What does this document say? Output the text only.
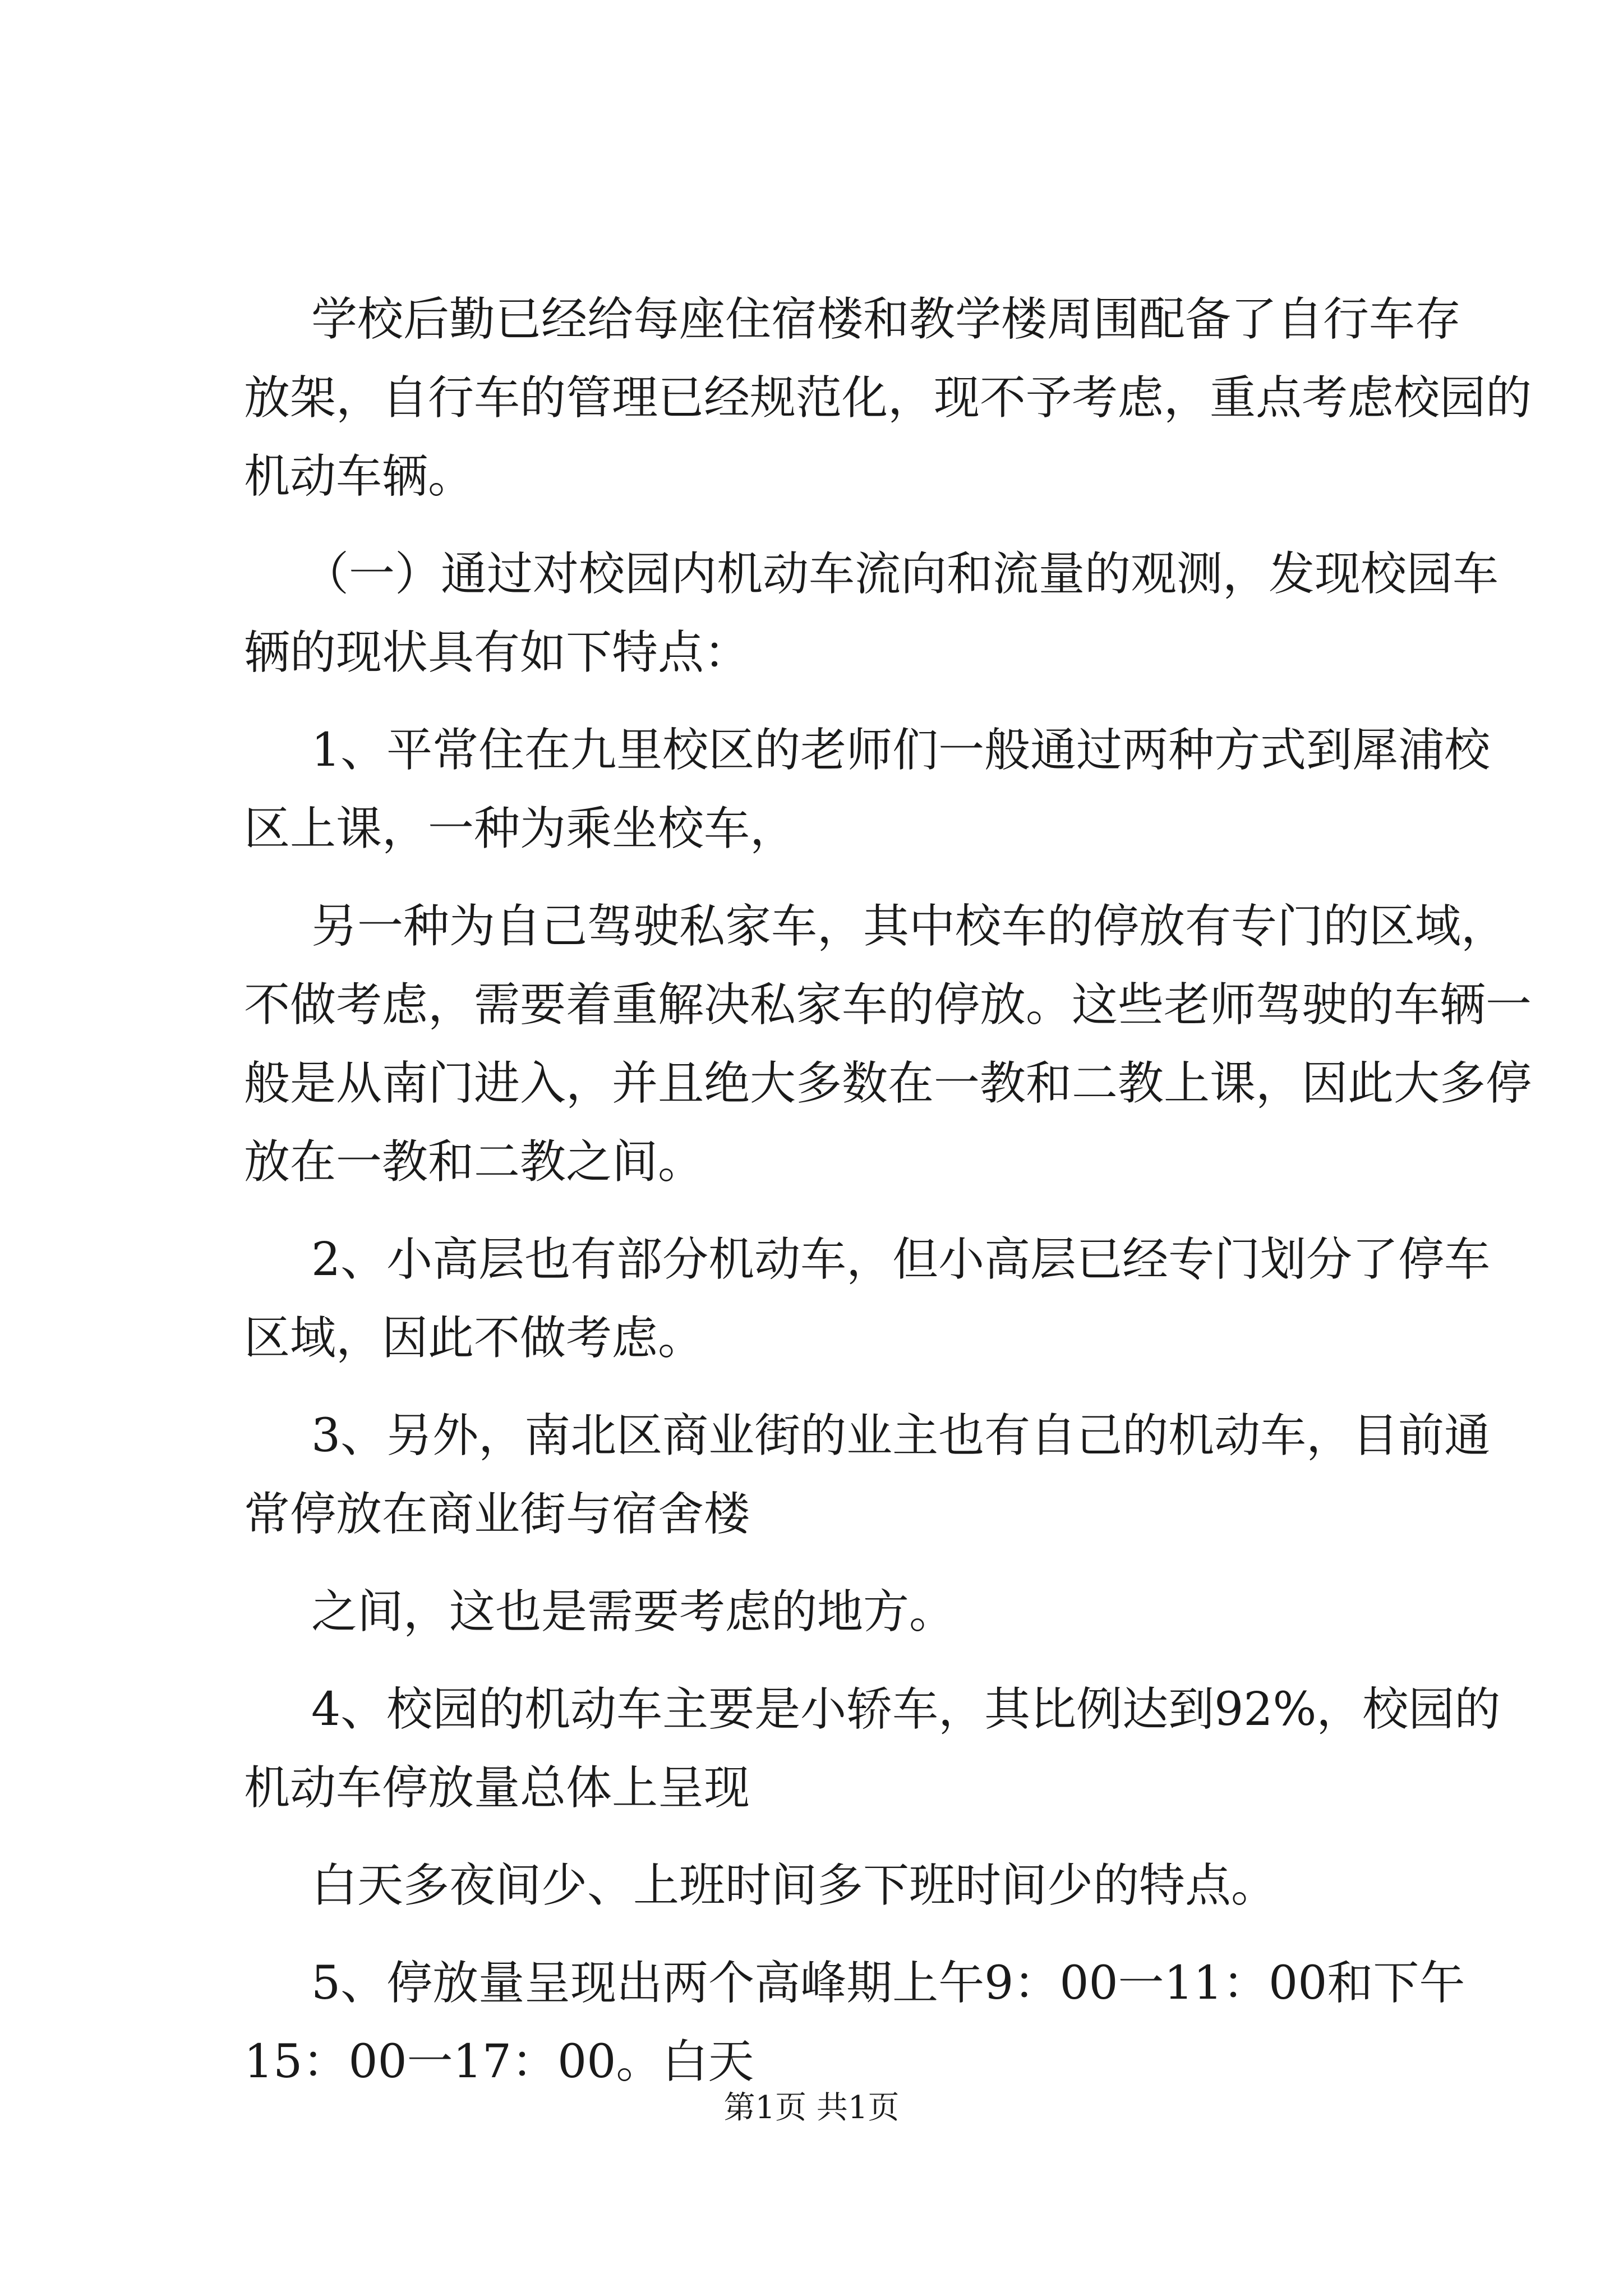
学校后勤已经给每座住宿楼和教学楼周围配备了自行车存

放架，自行车的管理已经规范化，现不予考虑，重点考虑校园的

机动车辆。

（一）通过对校园内机动车流向和流量的观测，发现校园车

辆的现状具有如下特点：

1、平常住在九里校区的老师们一般通过两种方式到犀浦校

区上课，一种为乘坐校车，

另一种为自己驾驶私家车，其中校车的停放有专门的区域，

不做考虑，需要着重解决私家车的停放。这些老师驾驶的车辆一

般是从南门进入，并且绝大多数在一教和二教上课，因此大多停

放在一教和二教之间。

2、小高层也有部分机动车，但小高层已经专门划分了停车

区域，因此不做考虑。

3、另外，南北区商业街的业主也有自己的机动车，目前通

常停放在商业街与宿舍楼

之间，这也是需要考虑的地方。

4、校园的机动车主要是小轿车，其比例达到92%，校园的

机动车停放量总体上呈现

白天多夜间少、上班时间多下班时间少的特点。

5、停放量呈现出两个高峰期上午9：00一11：00和下午

15：00一17：00。白天

第1页 共1页
